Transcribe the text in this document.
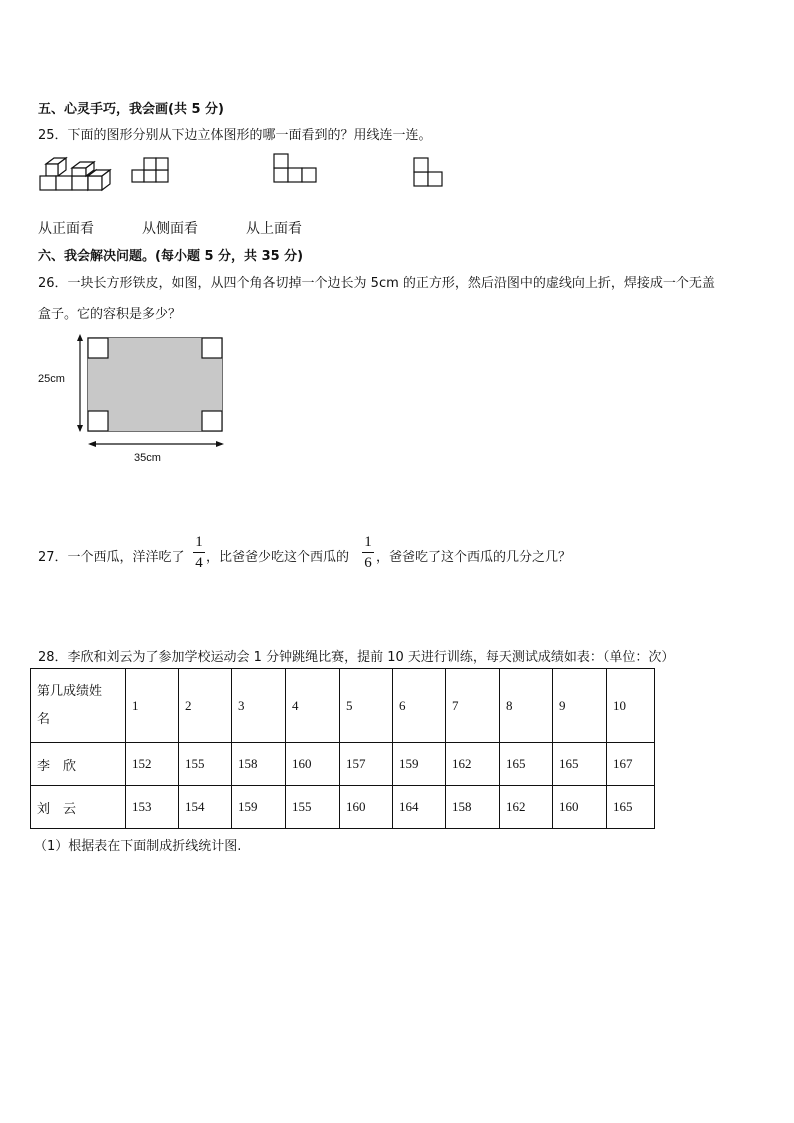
五、心灵手巧，我会画(共 5 分)
25．下面的图形分别从下边立体图形的哪一面看到的？用线连一连。
从正面看	从侧面看	从上面看
六、我会解决问题。(每小题 5 分，共 35 分)
26．一块长方形铁皮，如图，从四个角各切掉一个边长为 5cm 的正方形，然后沿图中的虚线向上折，焊接成一个无盖
盒子。它的容积是多少？
25cm
35cm
27．一个西瓜，洋洋吃了
1
4 ，比爸爸少吃这个西瓜的
1
6 ，爸爸吃了这个西瓜的几分之几？
28．李欣和刘云为了参加学校运动会 1 分钟跳绳比赛，提前 10 天进行训练，每天测试成绩如表：（单位：次）
第几成绩姓
名	1	2	3	4	5	6	7	8	9	10
李　欣	152	155	158	160	157	159	162	165	165	167
刘　云	153	154	159	155	160	164	158	162	160	165
（1）根据表在下面制成折线统计图.
